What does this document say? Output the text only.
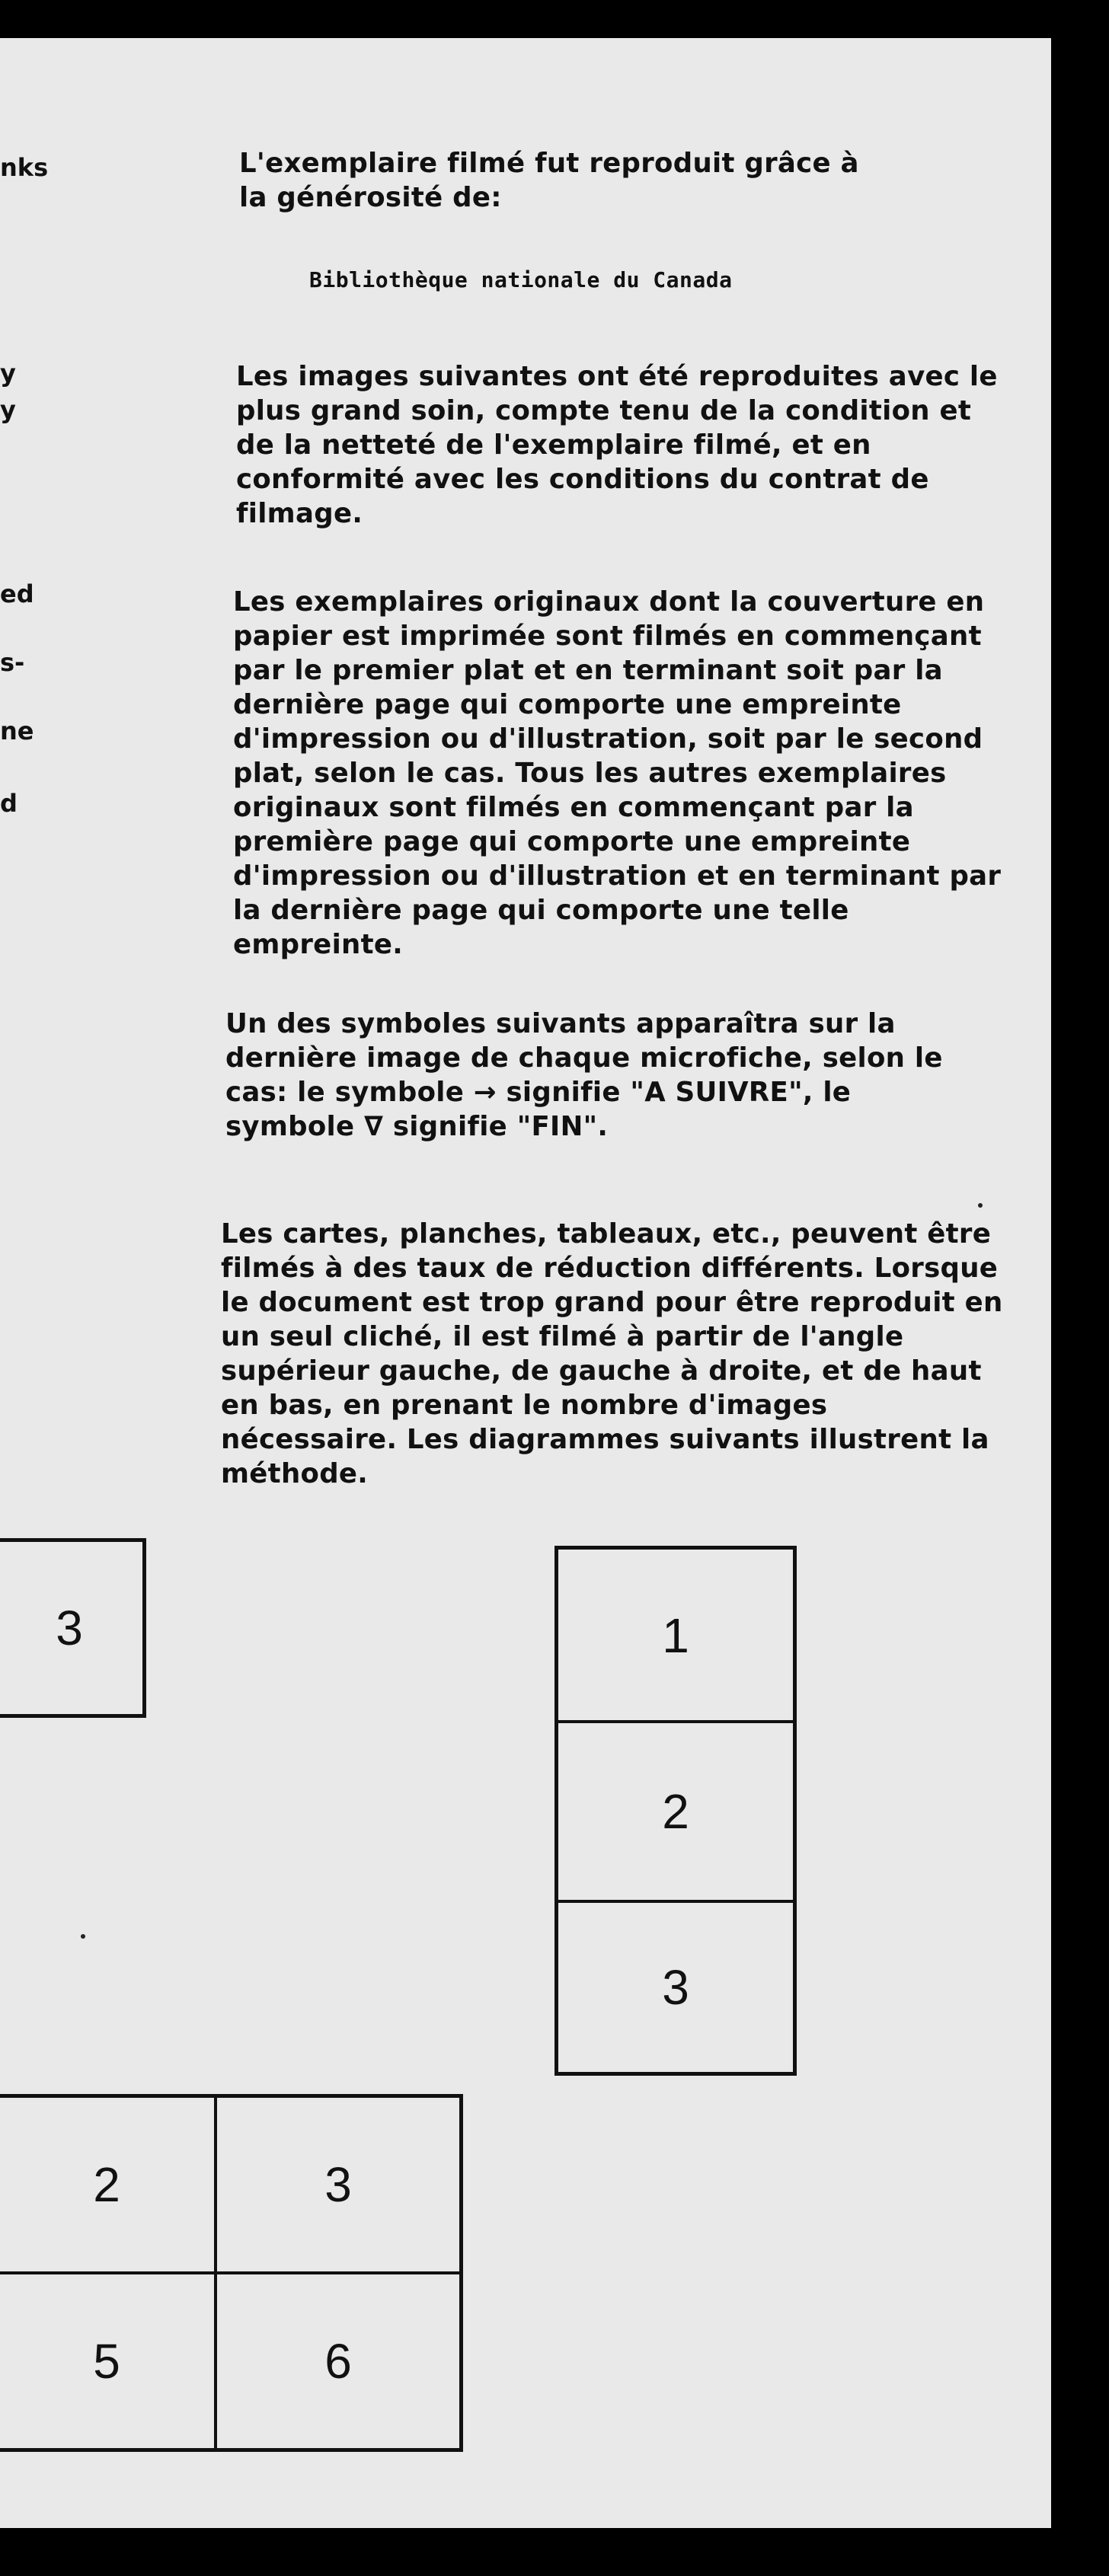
nks
y
y
ed
s-
ne
d

L'exemplaire filmé fut reproduit grâce à la générosité de:

Bibliothèque nationale du Canada

Les images suivantes ont été reproduites avec le plus grand soin, compte tenu de la condition et de la netteté de l'exemplaire filmé, et en conformité avec les conditions du contrat de filmage.

Les exemplaires originaux dont la couverture en papier est imprimée sont filmés en commençant par le premier plat et en terminant soit par la dernière page qui comporte une empreinte d'impression ou d'illustration, soit par le second plat, selon le cas. Tous les autres exemplaires originaux sont filmés en commençant par la première page qui comporte une empreinte d'impression ou d'illustration et en terminant par la dernière page qui comporte une telle empreinte.

Un des symboles suivants apparaîtra sur la dernière image de chaque microfiche, selon le cas: le symbole → signifie "A SUIVRE", le symbole ∇ signifie "FIN".

Les cartes, planches, tableaux, etc., peuvent être filmés à des taux de réduction différents. Lorsque le document est trop grand pour être reproduit en un seul cliché, il est filmé à partir de l'angle supérieur gauche, de gauche à droite, et de haut en bas, en prenant le nombre d'images nécessaire. Les diagrammes suivants illustrent la méthode.

3	1
2
3
2	3
5	6
